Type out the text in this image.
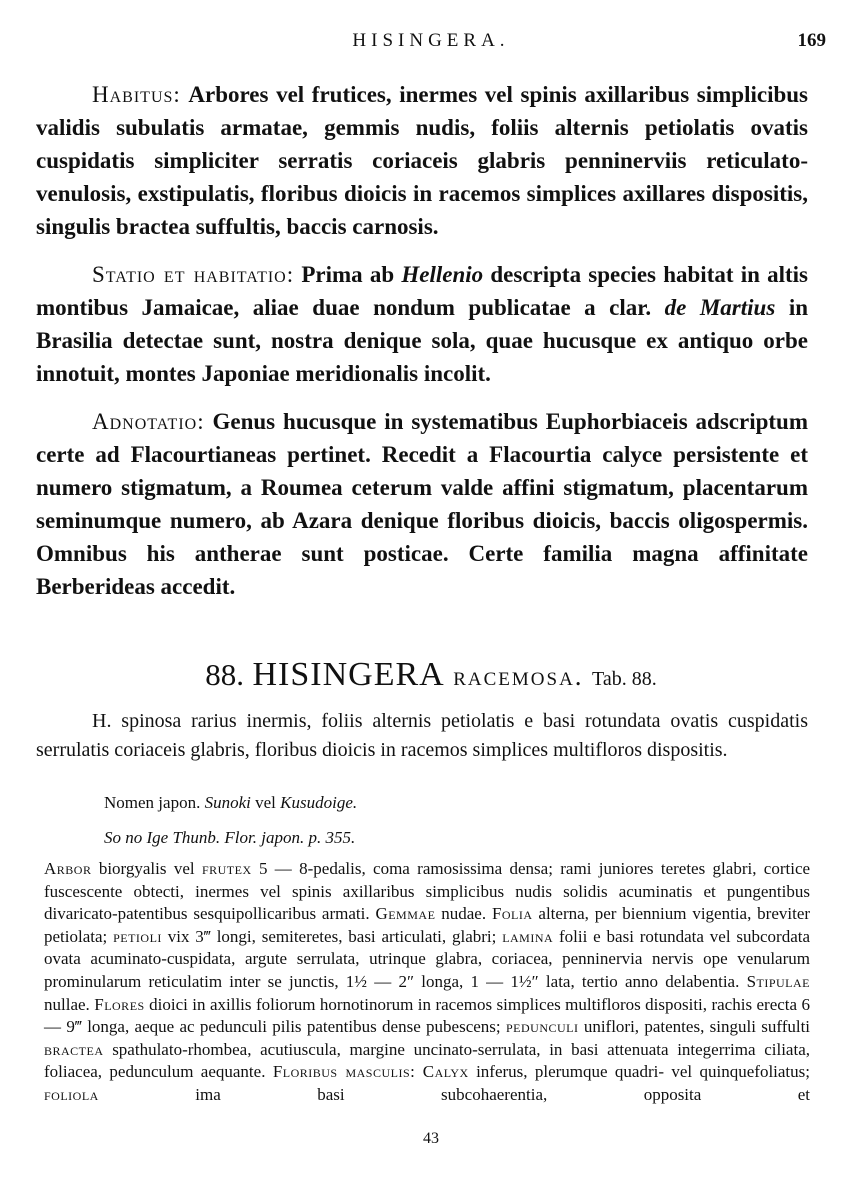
HISINGERA.	169

Habitus: Arbores vel frutices, inermes vel spinis axillaribus simplicibus validis subulatis armatae, gemmis nudis, foliis alternis petiolatis ovatis cuspidatis simpliciter serratis coriaceis glabris penninerviis reticulato-venulosis, exstipulatis, floribus dioicis in racemos simplices axillares dispositis, singulis bractea suffultis, baccis carnosis.

Statio et habitatio: Prima ab Hellenio descripta species habitat in altis montibus Jamaicae, aliae duae nondum publicatae a clar. de Martius in Brasilia detectae sunt, nostra denique sola, quae hucusque ex antiquo orbe innotuit, montes Japoniae meridionalis incolit.

Adnotatio: Genus hucusque in systematibus Euphorbiaceis adscriptum certe ad Flacourtianeas pertinet. Recedit a Flacourtia calyce persistente et numero stigmatum, a Roumea ceterum valde affini stigmatum, placentarum seminumque numero, ab Azara denique floribus dioicis, baccis oligospermis. Omnibus his antherae sunt posticae. Certe familia magna affinitate Berberideas accedit.

88. HISINGERA racemosa. Tab. 88.
H. spinosa rarius inermis, foliis alternis petiolatis e basi rotundata ovatis cuspidatis serrulatis coriaceis glabris, floribus dioicis in racemos simplices multifloros dispositis.
Nomen japon. Sunoki vel Kusudoige.
So no Ige Thunb. Flor. japon. p. 355.
Arbor biorgyalis vel frutex 5 — 8-pedalis, coma ramosissima densa; rami juniores teretes glabri, cortice fuscescente obtecti, inermes vel spinis axillaribus simplicibus nudis solidis acuminatis et pungentibus divaricato-patentibus sesquipollicaribus armati. Gemmae nudae. Folia alterna, per biennium vigentia, breviter petiolata; petioli vix 3‴ longi, semiteretes, basi articulati, glabri; lamina folii e basi rotundata vel subcordata ovata acuminato-cuspidata, argute serrulata, utrinque glabra, coriacea, penninervia nervis ope venularum prominularum reticulatim inter se junctis, 1½ — 2″ longa, 1 — 1½″ lata, tertio anno delabentia. Stipulae nullae. Flores dioici in axillis foliorum hornotinorum in racemos simplices multifloros dispositi, rachis erecta 6 — 9‴ longa, aeque ac pedunculi pilis patentibus dense pubescens; pedunculi uniflori, patentes, singuli suffulti bractea spathulato-rhombea, acutiuscula, margine uncinato-serrulata, in basi attenuata integerrima ciliata, foliacea, pedunculum aequante. Floribus masculis: Calyx inferus, plerumque quadri- vel quinquefoliatus; foliola	ima basi subcohaerentia, opposita et
43
